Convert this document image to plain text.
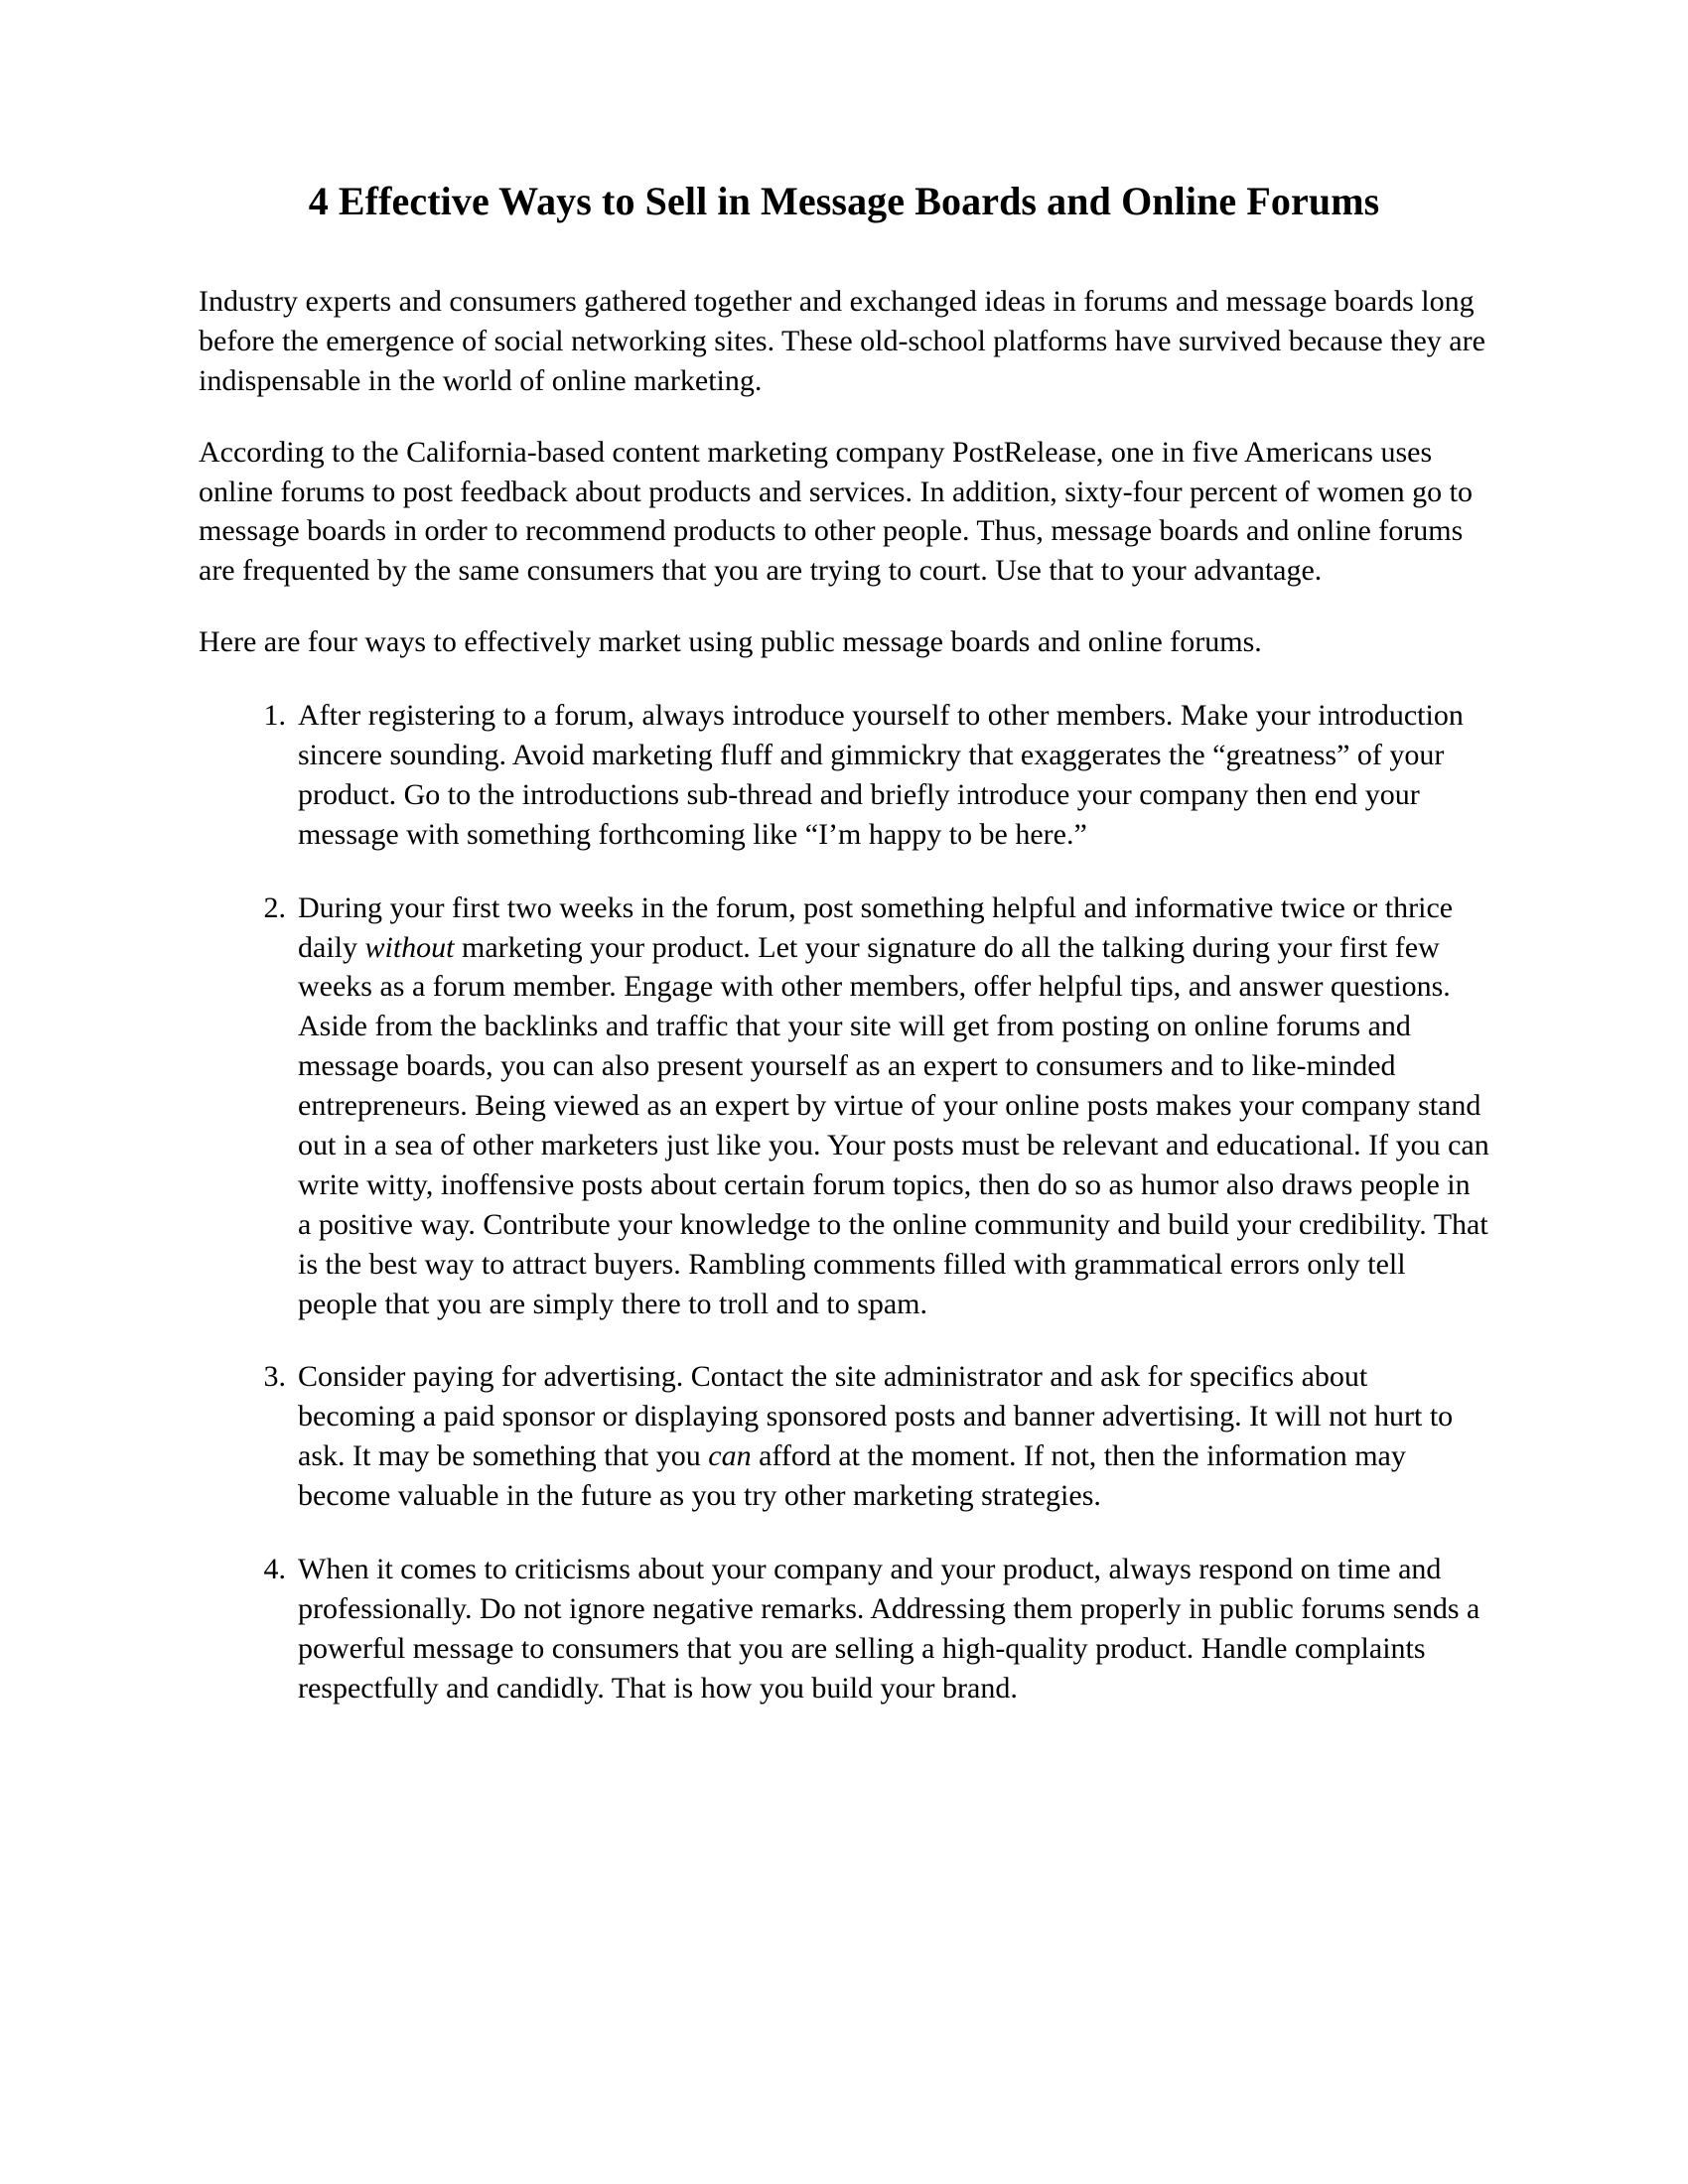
4 Effective Ways to Sell in Message Boards and Online Forums

Industry experts and consumers gathered together and exchanged ideas in forums and message boards long before the emergence of social networking sites. These old-school platforms have survived because they are indispensable in the world of online marketing.

According to the California-based content marketing company PostRelease, one in five Americans uses online forums to post feedback about products and services. In addition, sixty-four percent of women go to message boards in order to recommend products to other people. Thus, message boards and online forums are frequented by the same consumers that you are trying to court. Use that to your advantage.

Here are four ways to effectively market using public message boards and online forums.

1. After registering to a forum, always introduce yourself to other members. Make your introduction sincere sounding. Avoid marketing fluff and gimmickry that exaggerates the “greatness” of your product. Go to the introductions sub-thread and briefly introduce your company then end your message with something forthcoming like “I’m happy to be here.”
2. During your first two weeks in the forum, post something helpful and informative twice or thrice daily without marketing your product. Let your signature do all the talking during your first few weeks as a forum member. Engage with other members, offer helpful tips, and answer questions. Aside from the backlinks and traffic that your site will get from posting on online forums and message boards, you can also present yourself as an expert to consumers and to like-minded entrepreneurs. Being viewed as an expert by virtue of your online posts makes your company stand out in a sea of other marketers just like you. Your posts must be relevant and educational. If you can write witty, inoffensive posts about certain forum topics, then do so as humor also draws people in a positive way. Contribute your knowledge to the online community and build your credibility. That is the best way to attract buyers. Rambling comments filled with grammatical errors only tell people that you are simply there to troll and to spam.
3. Consider paying for advertising. Contact the site administrator and ask for specifics about becoming a paid sponsor or displaying sponsored posts and banner advertising. It will not hurt to ask. It may be something that you can afford at the moment. If not, then the information may become valuable in the future as you try other marketing strategies.
4. When it comes to criticisms about your company and your product, always respond on time and professionally. Do not ignore negative remarks. Addressing them properly in public forums sends a powerful message to consumers that you are selling a high-quality product. Handle complaints respectfully and candidly. That is how you build your brand.
